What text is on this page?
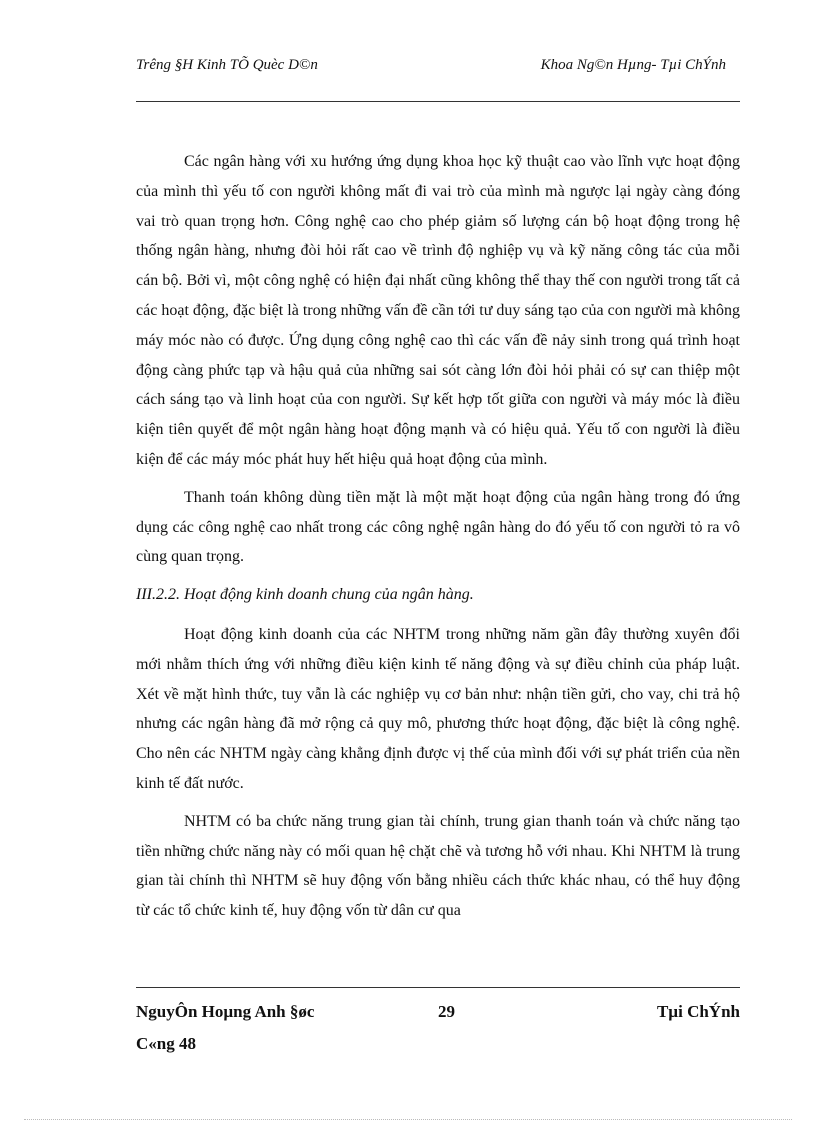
Trêng §H Kinh TÕ Quèc D©n	Khoa Ng©n Hµng- Tµi ChÝnh

Các ngân hàng với xu hướng ứng dụng khoa học kỹ thuật cao vào lĩnh vực hoạt động của mình thì yếu tố con người không mất đi vai trò của mình mà ngược lại ngày càng đóng vai trò quan trọng hơn. Công nghệ cao cho phép giảm số lượng cán bộ hoạt động trong hệ thống ngân hàng, nhưng đòi hỏi rất cao về trình độ nghiệp vụ và kỹ năng công tác của mỗi cán bộ. Bởi vì, một công nghệ có hiện đại nhất cũng không thể thay thế con người trong tất cả các hoạt động, đặc biệt là trong những vấn đề cần tới tư duy sáng tạo của con người mà không máy móc nào có được. Ứng dụng công nghệ cao thì các vấn đề nảy sinh trong quá trình hoạt động càng phức tạp và hậu quả của những sai sót càng lớn đòi hỏi phải có sự can thiệp một cách sáng tạo và linh hoạt của con người. Sự kết hợp tốt giữa con người và máy móc là điều kiện tiên quyết để một ngân hàng hoạt động mạnh và có hiệu quả. Yếu tố con người là điều kiện để các máy móc phát huy hết hiệu quả hoạt động của mình.

Thanh toán không dùng tiền mặt là một mặt hoạt động của ngân hàng trong đó ứng dụng các công nghệ cao nhất trong các công nghệ ngân hàng do đó yếu tố con người tỏ ra vô cùng quan trọng.

III.2.2. Hoạt động kinh doanh chung của ngân hàng.

Hoạt động kinh doanh của các NHTM trong những năm gần đây thường xuyên đổi mới nhằm thích ứng với những điều kiện kinh tế năng động và sự điều chỉnh của pháp luật. Xét về mặt hình thức, tuy vẫn là các nghiệp vụ cơ bản như: nhận tiền gửi, cho vay, chi trả hộ nhưng các ngân hàng đã mở rộng cả quy mô, phương thức hoạt động, đặc biệt là công nghệ. Cho nên các NHTM ngày càng khẳng định được vị thế của mình đối với sự phát triển của nền kinh tế đất nước.

NHTM có ba chức năng trung gian tài chính, trung gian thanh toán và chức năng tạo tiền những chức năng này có mối quan hệ chặt chẽ và tương hỗ với nhau. Khi NHTM là trung gian tài chính thì NHTM sẽ huy động vốn bằng nhiều cách thức khác nhau, có thể huy động từ các tổ chức kinh tế, huy động vốn từ dân cư qua

NguyÔn Hoµng Anh §øc	29	Tµi ChÝnh
C«ng 48
